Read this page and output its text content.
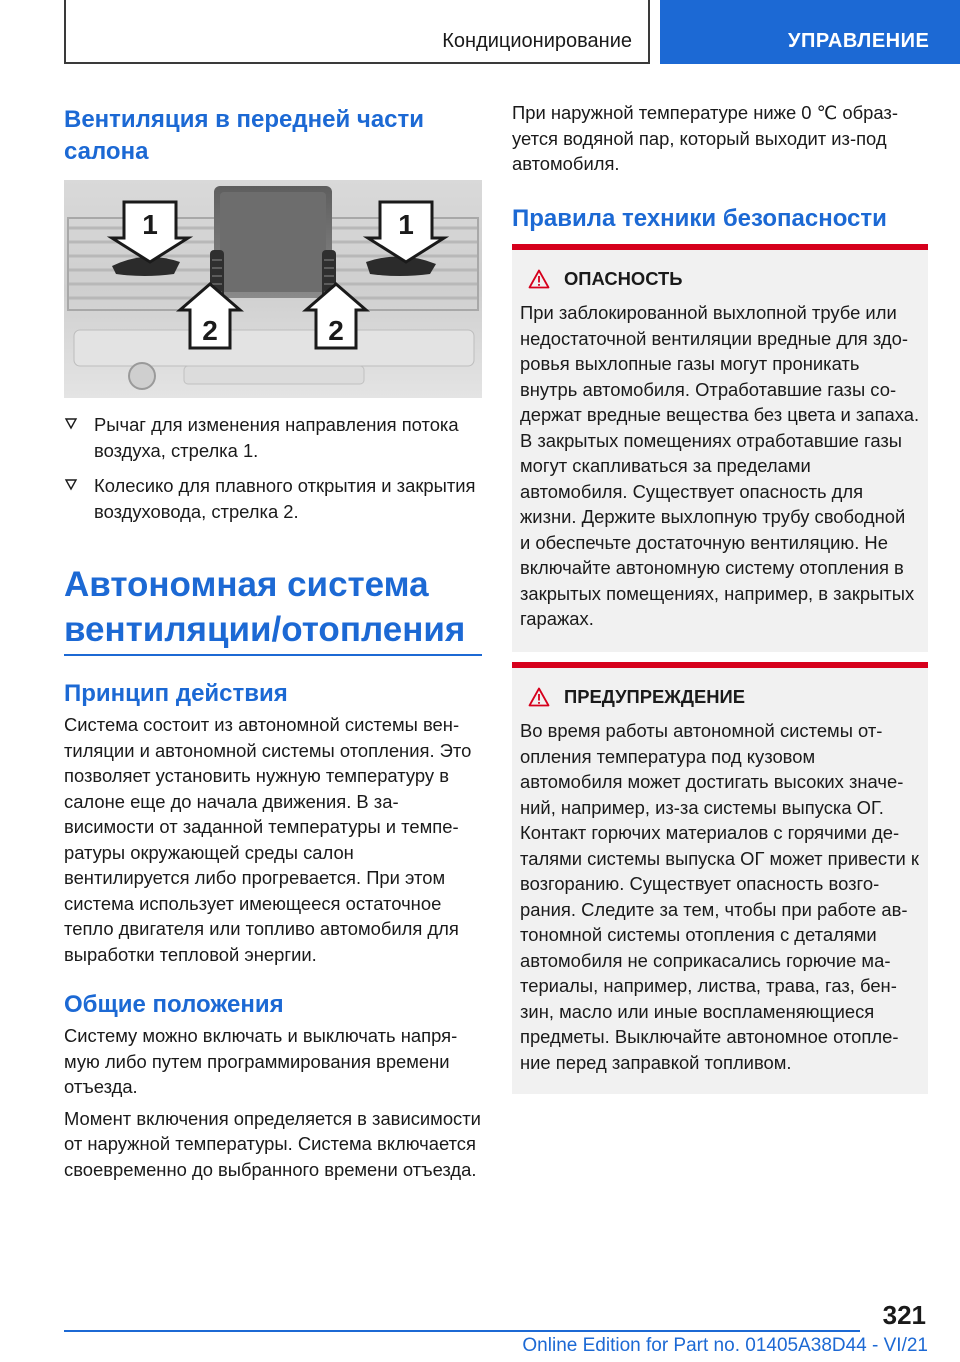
Кондиционирование	УПРАВЛЕНИЕ
Вентиляция в передней части салона
1	1
2	2
Рычаг для изменения направления потока воздуха, стрелка 1.
Колесико для плавного открытия и закрытия воздуховода, стрелка 2.
Автономная система вентиляции/отопления
Принцип действия

Система состоит из автономной системы вентиляции и автономной системы отопления. Это позволяет установить нужную температуру в салоне еще до начала движения. В зависимости от заданной температуры и температуры окружающей среды салон вентилируется либо прогревается. При этом система использует имеющееся остаточное тепло двигателя или топливо автомобиля для выработки тепловой энергии.

Общие положения

Систему можно включать и выключать напрямую либо путем программирования времени отъезда.

Момент включения определяется в зависимости от наружной температуры. Система включается своевременно до выбранного времени отъезда.

При наружной температуре ниже 0 ℃ образуется водяной пар, который выходит из-под автомобиля.

Правила техники безопасности
ОПАСНОСТЬ

При заблокированной выхлопной трубе или недостаточной вентиляции вредные для здоровья выхлопные газы могут проникать внутрь автомобиля. Отработавшие газы содержат вредные вещества без цвета и запаха. В закрытых помещениях отработавшие газы могут скапливаться за пределами автомобиля. Существует опасность для жизни. Держите выхлопную трубу свободной и обеспечьте достаточную вентиляцию. Не включайте автономную систему отопления в закрытых помещениях, например, в закрытых гаражах.

ПРЕДУПРЕЖДЕНИЕ

Во время работы автономной системы отопления температура под кузовом автомобиля может достигать высоких значений, например, из-за системы выпуска ОГ. Контакт горючих материалов с горячими деталями системы выпуска ОГ может привести к возгоранию. Существует опасность возгорания. Следите за тем, чтобы при работе автономной системы отопления с деталями автомобиля не соприкасались горючие материалы, например, листва, трава, газ, бензин, масло или иные воспламеняющиеся предметы. Выключайте автономное отопление перед заправкой топливом.

321
Online Edition for Part no. 01405A38D44 - VI/21
